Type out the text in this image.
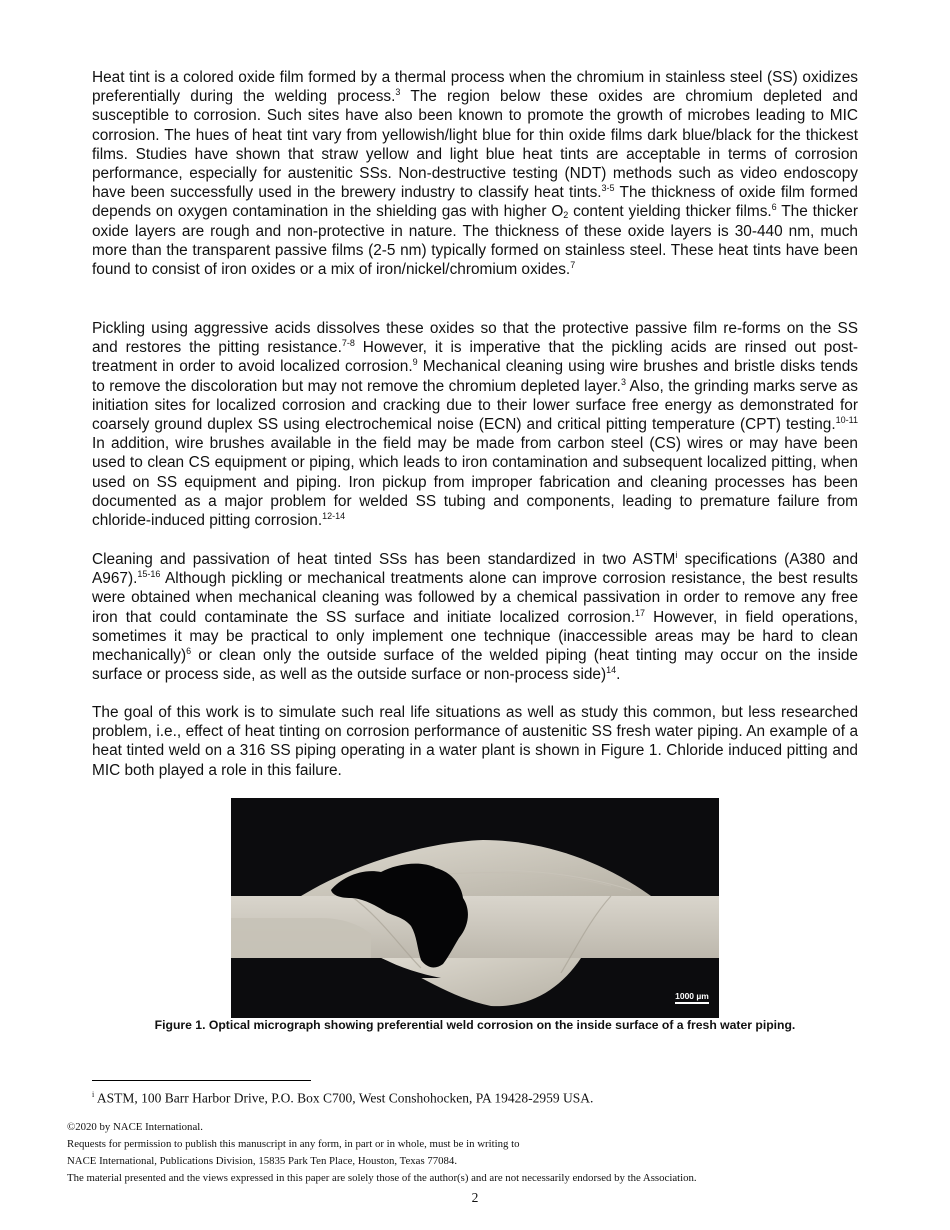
Heat tint is a colored oxide film formed by a thermal process when the chromium in stainless steel (SS) oxidizes preferentially during the welding process.$^3$ The region below these oxides are chromium depleted and susceptible to corrosion. Such sites have also been known to promote the growth of microbes leading to MIC corrosion. The hues of heat tint vary from yellowish/light blue for thin oxide films dark blue/black for the thickest films. Studies have shown that straw yellow and light blue heat tints are acceptable in terms of corrosion performance, especially for austenitic SSs. Non-destructive testing (NDT) methods such as video endoscopy have been successfully used in the brewery industry to classify heat tints.$^{3-5}$ The thickness of oxide film formed depends on oxygen contamination in the shielding gas with higher $O_2$ content yielding thicker films.$^6$ The thicker oxide layers are rough and non-protective in nature. The thickness of these oxide layers is 30-440 nm, much more than the transparent passive films (2-5 nm) typically formed on stainless steel. These heat tints have been found to consist of iron oxides or a mix of iron/nickel/chromium oxides.$^7$

Pickling using aggressive acids dissolves these oxides so that the protective passive film re-forms on the SS and restores the pitting resistance.$^{7-8}$ However, it is imperative that the pickling acids are rinsed out post-treatment in order to avoid localized corrosion.$^9$ Mechanical cleaning using wire brushes and bristle disks tends to remove the discoloration but may not remove the chromium depleted layer.$^3$ Also, the grinding marks serve as initiation sites for localized corrosion and cracking due to their lower surface free energy as demonstrated for coarsely ground duplex SS using electrochemical noise (ECN) and critical pitting temperature (CPT) testing.$^{10-11}$ In addition, wire brushes available in the field may be made from carbon steel (CS) wires or may have been used to clean CS equipment or piping, which leads to iron contamination and subsequent localized pitting, when used on SS equipment and piping. Iron pickup from improper fabrication and cleaning processes has been documented as a major problem for welded SS tubing and components, leading to premature failure from chloride-induced pitting corrosion.$^{12-14}$

Cleaning and passivation of heat tinted SSs has been standardized in two ASTM$^i$ specifications (A380 and A967).$^{15-16}$ Although pickling or mechanical treatments alone can improve corrosion resistance, the best results were obtained when mechanical cleaning was followed by a chemical passivation in order to remove any free iron that could contaminate the SS surface and initiate localized corrosion.$^{17}$ However, in field operations, sometimes it may be practical to only implement one technique (inaccessible areas may be hard to clean mechanically)$^6$ or clean only the outside surface of the welded piping (heat tinting may occur on the inside surface or process side, as well as the outside surface or non-process side)$^{14}$.

The goal of this work is to simulate such real life situations as well as study this common, but less researched problem, i.e., effect of heat tinting on corrosion performance of austenitic SS fresh water piping. An example of a heat tinted weld on a 316 SS piping operating in a water plant is shown in Figure 1. Chloride induced pitting and MIC both played a role in this failure.

1000 µm
Figure 1. Optical micrograph showing preferential weld corrosion on the inside surface of a fresh water piping.
$^i$ ASTM, 100 Barr Harbor Drive, P.O. Box C700, West Conshohocken, PA 19428-2959 USA.
©2020 by NACE International.
Requests for permission to publish this manuscript in any form, in part or in whole, must be in writing to
NACE International, Publications Division, 15835 Park Ten Place, Houston, Texas 77084.
The material presented and the views expressed in this paper are solely those of the author(s) and are not necessarily endorsed by the Association.
2
